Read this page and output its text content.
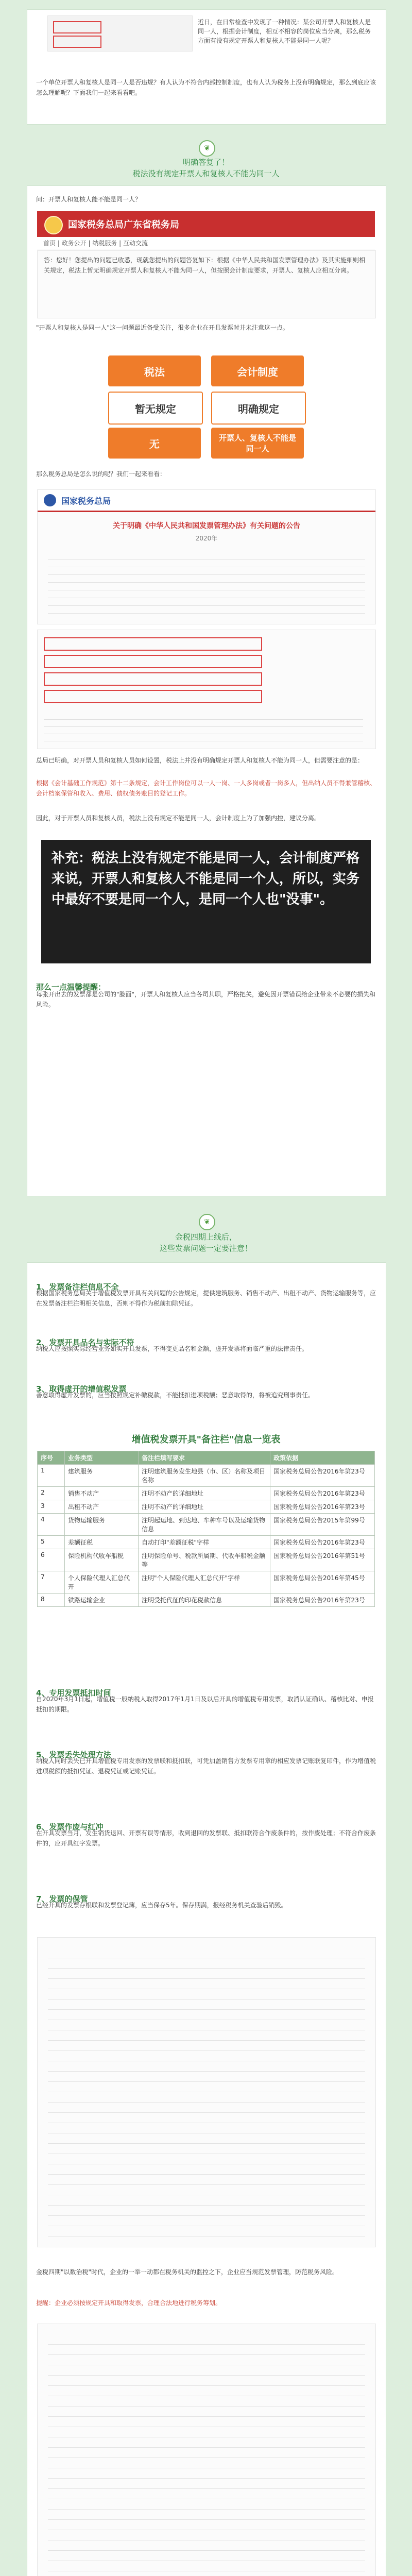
近日，在日常检查中发现了一种情况：某公司开票人和复核人是同一人，根据会计制度，相互不相容的岗位应当分离，那么税务方面有没有规定开票人和复核人不能是同一人呢？

一个单位开票人和复核人是同一人是否违规？有人认为不符合内部控制制度，也有人认为税务上没有明确规定，那么到底应该怎么理解呢？下面我们一起来看看吧。

❦
明确答复了！
税法没有规定开票人和复核人不能为同一人

问：开票人和复核人能不能是同一人？

国家税务总局广东省税务局
首页 | 政务公开 | 纳税服务 | 互动交流

答：您好！您提出的问题已收悉，现就您提出的问题答复如下：根据《中华人民共和国发票管理办法》及其实施细则相关规定，税法上暂无明确规定开票人和复核人不能为同一人，但按照会计制度要求，开票人、复核人应相互分离。

"开票人和复核人是同一人"这一问题最近备受关注，很多企业在开具发票时并未注意这一点。

税法	会计制度
暂无规定	明确规定
无	开票人、复核人不能是同一人

那么税务总局是怎么说的呢？我们一起来看看：

国家税务总局

关于明确《中华人民共和国发票管理办法》有关问题的公告

2020年

总局已明确，对开票人员和复核人员如何设置，税法上并没有明确规定开票人和复核人不能为同一人，但需要注意的是：

根据《会计基础工作规范》第十二条规定，会计工作岗位可以一人一岗、一人多岗或者一岗多人，但出纳人员不得兼管稽核、会计档案保管和收入、费用、债权债务账目的登记工作。

因此，对于开票人员和复核人员，税法上没有规定不能是同一人，会计制度上为了加强内控，建议分离。

补充：税法上没有规定不能是同一人，会计制度严格来说，开票人和复核人不能是同一个人，所以，实务中最好不要是同一个人，是同一个人也"没事"。

那么一点温馨提醒：

每张开出去的发票都是公司的"脸面"，开票人和复核人应当各司其职，严格把关，避免因开票错误给企业带来不必要的损失和风险。

❦
金税四期上线后，
这些发票问题一定要注意！

1、发票备注栏信息不全

根据国家税务总局关于增值税发票开具有关问题的公告规定，提供建筑服务、销售不动产、出租不动产、货物运输服务等，应在发票备注栏注明相关信息，否则不得作为税前扣除凭证。

2、发票开具品名与实际不符

纳税人应按照实际经营业务如实开具发票，不得变更品名和金额，虚开发票将面临严重的法律责任。

3、取得虚开的增值税发票

善意取得虚开发票的，应当按照规定补缴税款，不能抵扣进项税额；恶意取得的，将被追究刑事责任。

增值税发票开具"备注栏"信息一览表
序号	业务类型	备注栏填写要求	政策依据
1	建筑服务	注明建筑服务发生地县（市、区）名称及项目名称	国家税务总局公告2016年第23号
2	销售不动产	注明不动产的详细地址	国家税务总局公告2016年第23号
3	出租不动产	注明不动产的详细地址	国家税务总局公告2016年第23号
4	货物运输服务	注明起运地、到达地、车种车号以及运输货物信息	国家税务总局公告2015年第99号
5	差额征税	自动打印"差额征税"字样	国家税务总局公告2016年第23号
6	保险机构代收车船税	注明保险单号、税款所属期、代收车船税金额等	国家税务总局公告2016年第51号
7	个人保险代理人汇总代开	注明"个人保险代理人汇总代开"字样	国家税务总局公告2016年第45号
8	铁路运输企业	注明受托代征的印花税款信息	国家税务总局公告2016年第23号

4、专用发票抵扣时间

自2020年3月1日起，增值税一般纳税人取得2017年1月1日及以后开具的增值税专用发票，取消认证确认、稽核比对、申报抵扣的期限。

5、发票丢失处理方法

纳税人同时丢失已开具增值税专用发票的发票联和抵扣联，可凭加盖销售方发票专用章的相应发票记账联复印件，作为增值税进项税额的抵扣凭证、退税凭证或记账凭证。

6、发票作废与红冲

在开具发票当月，发生销货退回、开票有误等情形，收到退回的发票联、抵扣联符合作废条件的，按作废处理；不符合作废条件的，应开具红字发票。

7、发票的保管

已经开具的发票存根联和发票登记簿，应当保存5年。保存期满，报经税务机关查验后销毁。

金税四期"以数治税"时代，企业的一举一动都在税务机关的监控之下，企业应当规范发票管理，防范税务风险。

提醒：企业必须按规定开具和取得发票，合理合法地进行税务筹划。
